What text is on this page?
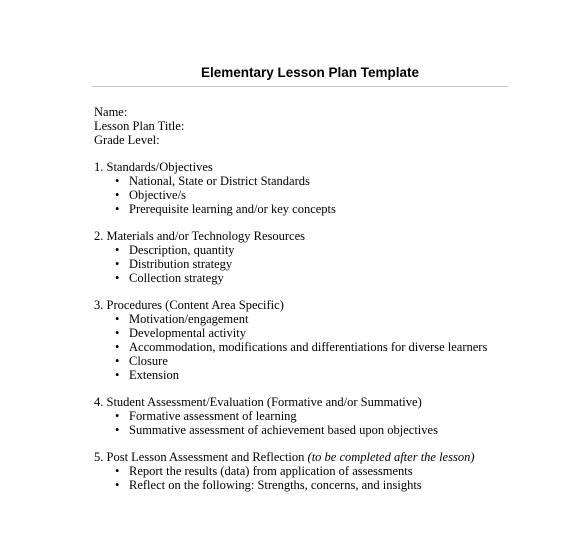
Elementary Lesson Plan Template
Name:
Lesson Plan Title:
Grade Level:
1. Standards/Objectives
• National, State or District Standards
• Objective/s
• Prerequisite learning and/or key concepts
2. Materials and/or Technology Resources
• Description, quantity
• Distribution strategy
• Collection strategy
3. Procedures (Content Area Specific)
• Motivation/engagement
• Developmental activity
• Accommodation, modifications and differentiations for diverse learners
• Closure
• Extension
4. Student Assessment/Evaluation (Formative and/or Summative)
• Formative assessment of learning
• Summative assessment of achievement based upon objectives
5. Post Lesson Assessment and Reflection (to be completed after the lesson)
• Report the results (data) from application of assessments
• Reflect on the following: Strengths, concerns, and insights
